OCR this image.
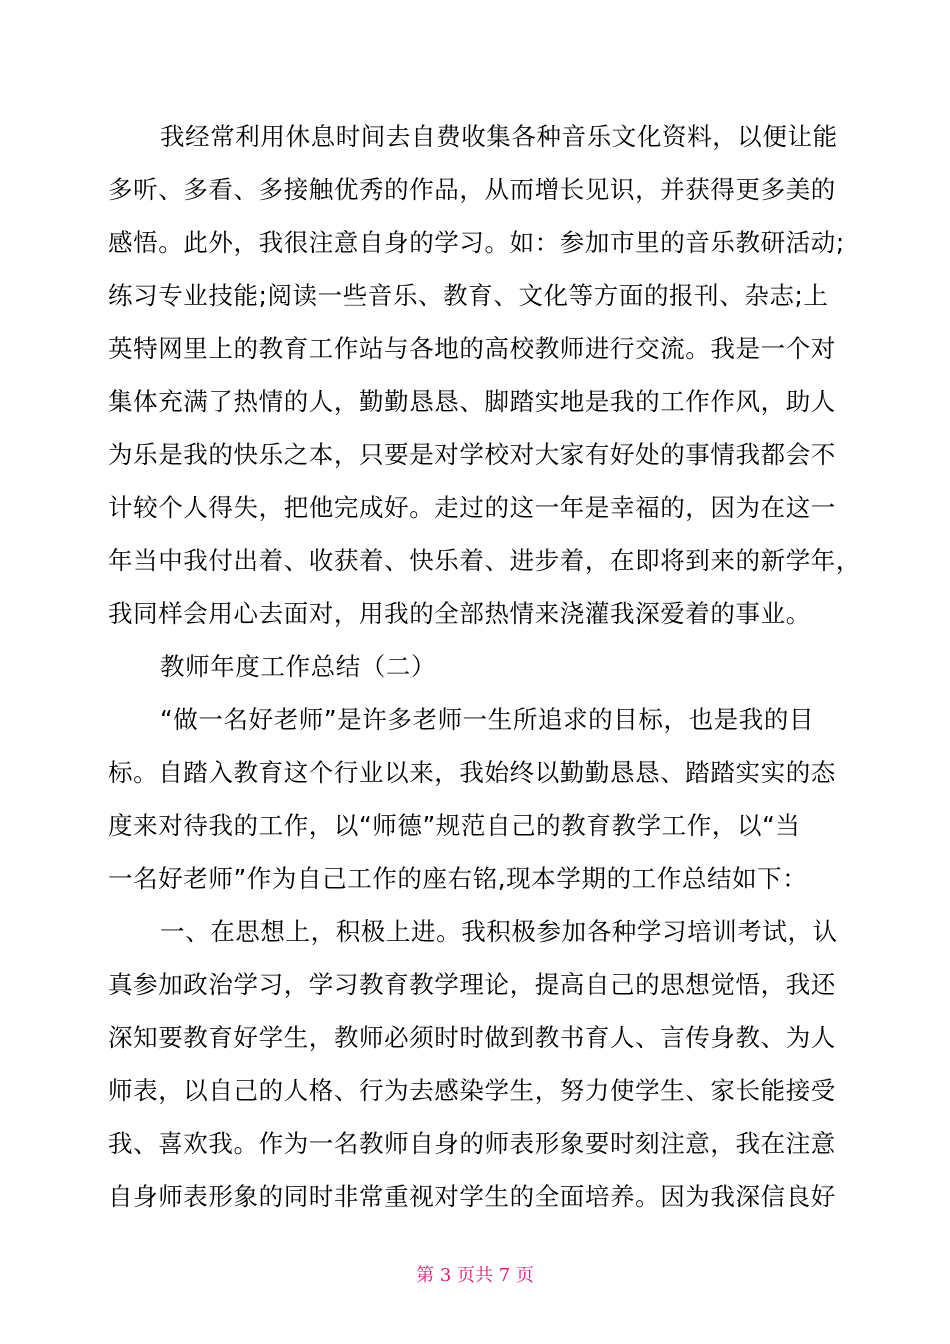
我经常利用休息时间去自费收集各种音乐文化资料，以便让能
多听、多看、多接触优秀的作品，从而增长见识，并获得更多美的
感悟。此外，我很注意自身的学习。如：参加市里的音乐教研活动;
练习专业技能;阅读一些音乐、教育、文化等方面的报刊、杂志;上
英特网里上的教育工作站与各地的高校教师进行交流。我是一个对
集体充满了热情的人，勤勤恳恳、脚踏实地是我的工作作风，助人
为乐是我的快乐之本，只要是对学校对大家有好处的事情我都会不
计较个人得失，把他完成好。走过的这一年是幸福的，因为在这一
年当中我付出着、收获着、快乐着、进步着，在即将到来的新学年，
我同样会用心去面对，用我的全部热情来浇灌我深爱着的事业。
教师年度工作总结（二）
“做一名好老师”是许多老师一生所追求的目标，也是我的目
标。自踏入教育这个行业以来，我始终以勤勤恳恳、踏踏实实的态
度来对待我的工作，以“师德”规范自己的教育教学工作，以“当
一名好老师”作为自己工作的座右铭,现本学期的工作总结如下：
一、在思想上，积极上进。我积极参加各种学习培训考试，认
真参加政治学习，学习教育教学理论，提高自己的思想觉悟，我还
深知要教育好学生，教师必须时时做到教书育人、言传身教、为人
师表，以自己的人格、行为去感染学生，努力使学生、家长能接受
我、喜欢我。作为一名教师自身的师表形象要时刻注意，我在注意
自身师表形象的同时非常重视对学生的全面培养。因为我深信良好
第 3 页共 7 页
